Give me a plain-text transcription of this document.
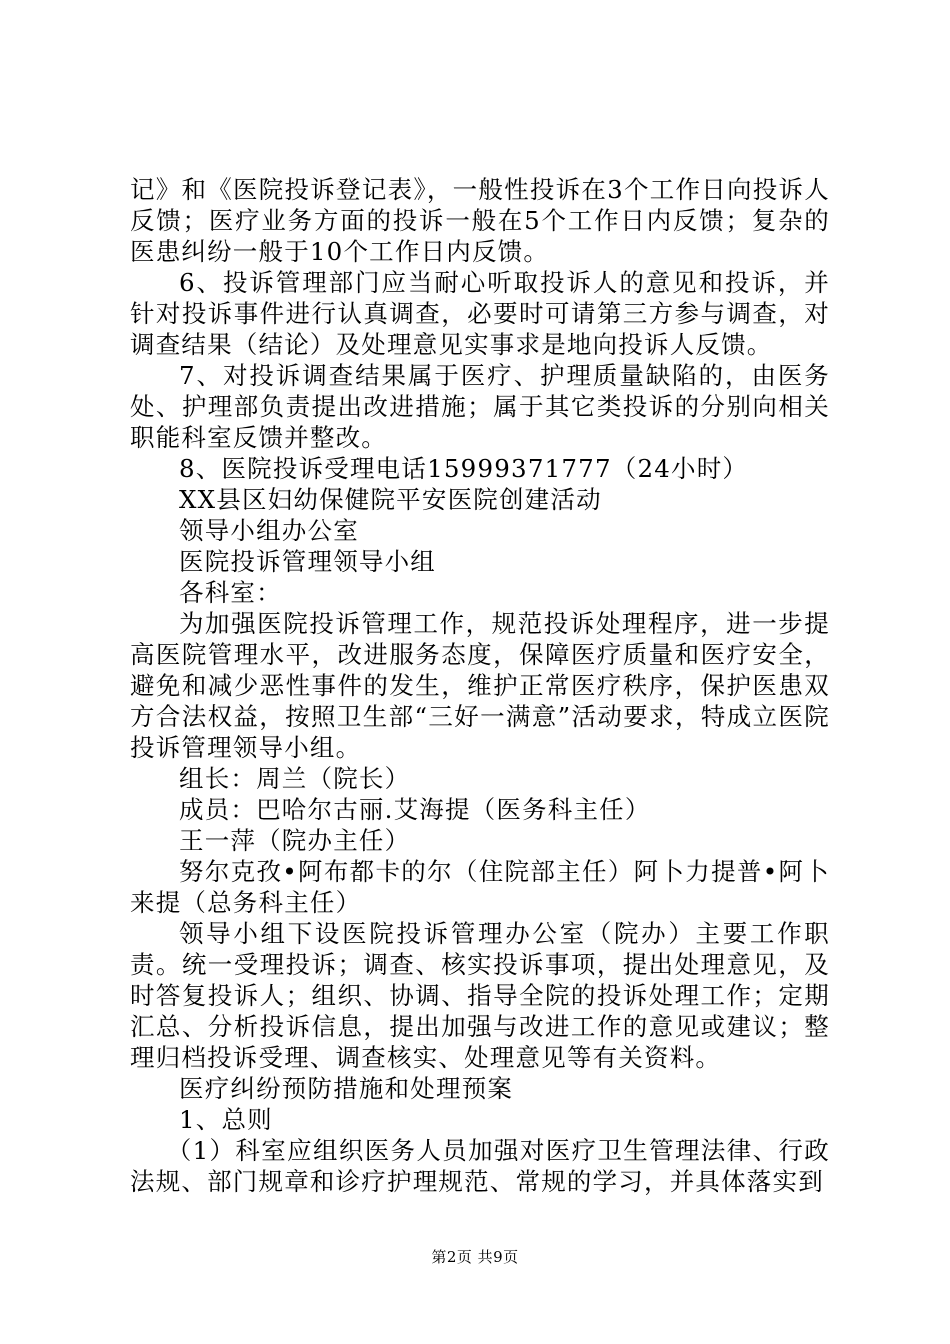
记》和《医院投诉登记表》，一般性投诉在3个工作日向投诉人反馈；医疗业务方面的投诉一般在5个工作日内反馈；复杂的医患纠纷一般于10个工作日内反馈。

6、投诉管理部门应当耐心听取投诉人的意见和投诉，并针对投诉事件进行认真调查，必要时可请第三方参与调查，对调查结果（结论）及处理意见实事求是地向投诉人反馈。

7、对投诉调查结果属于医疗、护理质量缺陷的，由医务处、护理部负责提出改进措施；属于其它类投诉的分别向相关职能科室反馈并整改。

8、医院投诉受理电话15999371777（24小时）

XX县区妇幼保健院平安医院创建活动

领导小组办公室

医院投诉管理领导小组

各科室：

为加强医院投诉管理工作，规范投诉处理程序，进一步提高医院管理水平，改进服务态度，保障医疗质量和医疗安全，避免和减少恶性事件的发生，维护正常医疗秩序，保护医患双方合法权益，按照卫生部“三好一满意”活动要求，特成立医院投诉管理领导小组。

组长：周兰（院长）

成员：巴哈尔古丽.艾海提（医务科主任）

王一萍（院办主任）

努尔克孜•阿布都卡的尔（住院部主任）阿卜力提普•阿卜来提（总务科主任）

领导小组下设医院投诉管理办公室（院办）主要工作职责。统一受理投诉；调查、核实投诉事项，提出处理意见，及时答复投诉人；组织、协调、指导全院的投诉处理工作；定期汇总、分析投诉信息，提出加强与改进工作的意见或建议；整理归档投诉受理、调查核实、处理意见等有关资料。

医疗纠纷预防措施和处理预案

1、总则

（1）科室应组织医务人员加强对医疗卫生管理法律、行政法规、部门规章和诊疗护理规范、常规的学习，并具体落实到

第2页 共9页
